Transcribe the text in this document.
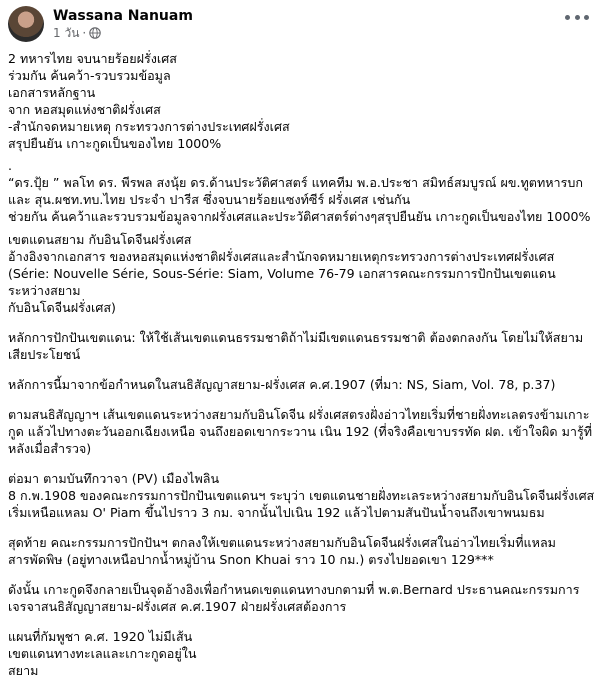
Wassana Nanuam
1 วัน ·

2 ทหารไทย จบนายร้อยฝรั่งเศส
ร่วมกัน ค้นคว้า-รวบรวมข้อมูล
เอกสารหลักฐาน
จาก หอสมุดแห่งชาติฝรั่งเศส
-สำนักจดหมายเหตุ กระทรวงการต่างประเทศฝรั่งเศส
สรุปยืนยัน เกาะกูดเป็นของไทย 1000%

.
“ดร.ปุ้ย ” พลโท ดร. พีรพล สงนุ้ย ดร.ด้านประวัติศาสตร์ แทคทีม พ.อ.ประชา สมิทธ์สมบูรณ์ ผข.ทูตทหารบก
และ สุน.ผชท.ทบ.ไทย ประจำ ปารีส ซึ่งจบนายร้อยแซงท์ซีร์ ฝรั่งเศส เช่นกัน
ช่วยกัน ค้นคว้าและรวบรวมข้อมูลจากฝรั่งเศสและประวัติศาสตร์ต่างๆสรุปยืนยัน เกาะกูดเป็นของไทย 1000%

เขตแดนสยาม กับอินโดจีนฝรั่งเศส
อ้างอิงจากเอกสาร ของหอสมุดแห่งชาติฝรั่งเศสและสำนักจดหมายเหตุกระทรวงการต่างประเทศฝรั่งเศส
(Série: Nouvelle Série, Sous-Série: Siam, Volume 76-79 เอกสารคณะกรรมการปักปันเขตแดนระหว่างสยาม
กับอินโดจีนฝรั่งเศส)

หลักการปักปันเขตแดน: ให้ใช้เส้นเขตแดนธรรมชาติถ้าไม่มีเขตแดนธรรมชาติ ต้องตกลงกัน โดยไม่ให้สยาม
เสียประโยชน์

หลักการนี้มาจากข้อกำหนดในสนธิสัญญาสยาม-ฝรั่งเศส ค.ศ.1907 (ที่มา: NS, Siam, Vol. 78, p.37)

ตามสนธิสัญญาฯ เส้นเขตแดนระหว่างสยามกับอินโดจีน ฝรั่งเศสตรงฝั่งอ่าวไทยเริ่มที่ชายฝั่งทะเลตรงข้ามเกาะ
กูด แล้วไปทางตะวันออกเฉียงเหนือ จนถึงยอดเขากระวาน เนิน 192 (ที่จริงคือเขาบรรทัด ฝต. เข้าใจผิด มารู้ที่
หลังเมื่อสำรวจ)

ต่อมา ตามบันทึกวาจา (PV) เมืองไพลิน
8 ก.พ.1908 ของคณะกรรมการปักปันเขตแดนฯ ระบุว่า เขตแดนชายฝั่งทะเลระหว่างสยามกับอินโดจีนฝรั่งเศส
เริ่มเหนือแหลม O' Piam ขึ้นไปราว 3 กม. จากนั้นไปเนิน 192 แล้วไปตามสันปันน้ำจนถึงเขาพนมธม

สุดท้าย คณะกรรมการปักปันฯ ตกลงให้เขตแดนระหว่างสยามกับอินโดจีนฝรั่งเศสในอ่าวไทยเริ่มที่แหลม
สารพัดพิษ (อยู่ทางเหนือปากน้ำหมู่บ้าน Snon Khuai ราว 10 กม.) ตรงไปยอดเขา 129***

ดังนั้น เกาะกูดจึงกลายเป็นจุดอ้างอิงเพื่อกำหนดเขตแดนทางบกตามที่ พ.ต.Bernard ประธานคณะกรรมการ
เจรจาสนธิสัญญาสยาม-ฝรั่งเศส ค.ศ.1907 ฝ่ายฝรั่งเศสต้องการ

แผนที่กัมพูชา ค.ศ. 1920 ไม่มีเส้น
เขตแดนทางทะเลและเกาะกูดอยู่ใน
สยาม
